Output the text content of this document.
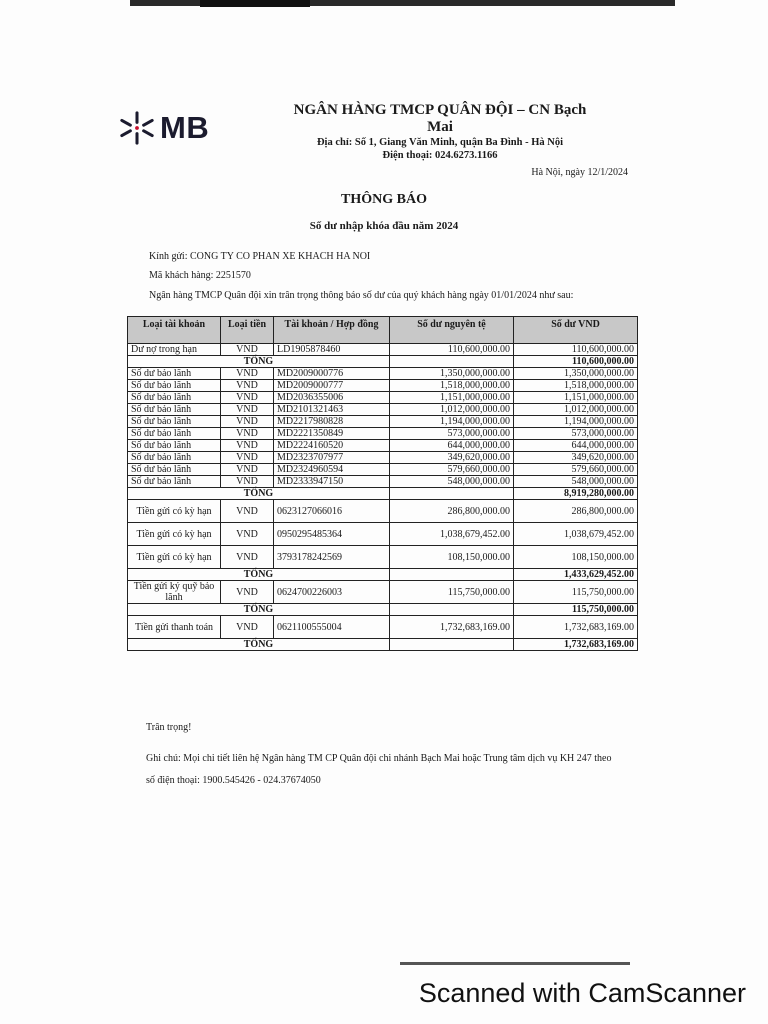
MB	NGÂN HÀNG TMCP QUÂN ĐỘI – CN Bạch Mai
Địa chỉ: Số 1, Giang Văn Minh, quận Ba Đình - Hà Nội
Điện thoại: 024.6273.1166
Hà Nội, ngày 12/1/2024
THÔNG BÁO
Số dư nhập khóa đầu năm 2024
Kính gửi: CONG TY CO PHAN XE KHACH HA NOI
Mã khách hàng: 2251570
Ngân hàng TMCP Quân đội xin trân trọng thông báo số dư của quý khách hàng ngày 01/01/2024 như sau:
Loại tài khoản	Loại tiền	Tài khoản / Hợp đồng	Số dư nguyên tệ	Số dư VND
Dư nợ trong hạn	VND	LD1905878460	110,600,000.00	110,600,000.00
TỔNG				110,600,000.00
Số dư bảo lãnh	VND	MD2009000776	1,350,000,000.00	1,350,000,000.00
Số dư bảo lãnh	VND	MD2009000777	1,518,000,000.00	1,518,000,000.00
Số dư bảo lãnh	VND	MD2036355006	1,151,000,000.00	1,151,000,000.00
Số dư bảo lãnh	VND	MD2101321463	1,012,000,000.00	1,012,000,000.00
Số dư bảo lãnh	VND	MD2217980828	1,194,000,000.00	1,194,000,000.00
Số dư bảo lãnh	VND	MD2221350849	573,000,000.00	573,000,000.00
Số dư bảo lãnh	VND	MD2224160520	644,000,000.00	644,000,000.00
Số dư bảo lãnh	VND	MD2323707977	349,620,000.00	349,620,000.00
Số dư bảo lãnh	VND	MD2324960594	579,660,000.00	579,660,000.00
Số dư bảo lãnh	VND	MD2333947150	548,000,000.00	548,000,000.00
TỔNG				8,919,280,000.00
Tiền gửi có kỳ hạn	VND	0623127066016	286,800,000.00	286,800,000.00
Tiền gửi có kỳ hạn	VND	0950295485364	1,038,679,452.00	1,038,679,452.00
Tiền gửi có kỳ hạn	VND	3793178242569	108,150,000.00	108,150,000.00
TỔNG				1,433,629,452.00
Tiền gửi ký quỹ bảo lãnh	VND	0624700226003	115,750,000.00	115,750,000.00
TỔNG				115,750,000.00
Tiền gửi thanh toán	VND	0621100555004	1,732,683,169.00	1,732,683,169.00
TỔNG				1,732,683,169.00
Trân trọng!
Ghi chú: Mọi chi tiết liên hệ Ngân hàng TM CP Quân đội chi nhánh Bạch Mai hoặc Trung tâm dịch vụ KH 247 theo số điện thoại: 1900.545426 - 024.37674050
Scanned with CamScanner
